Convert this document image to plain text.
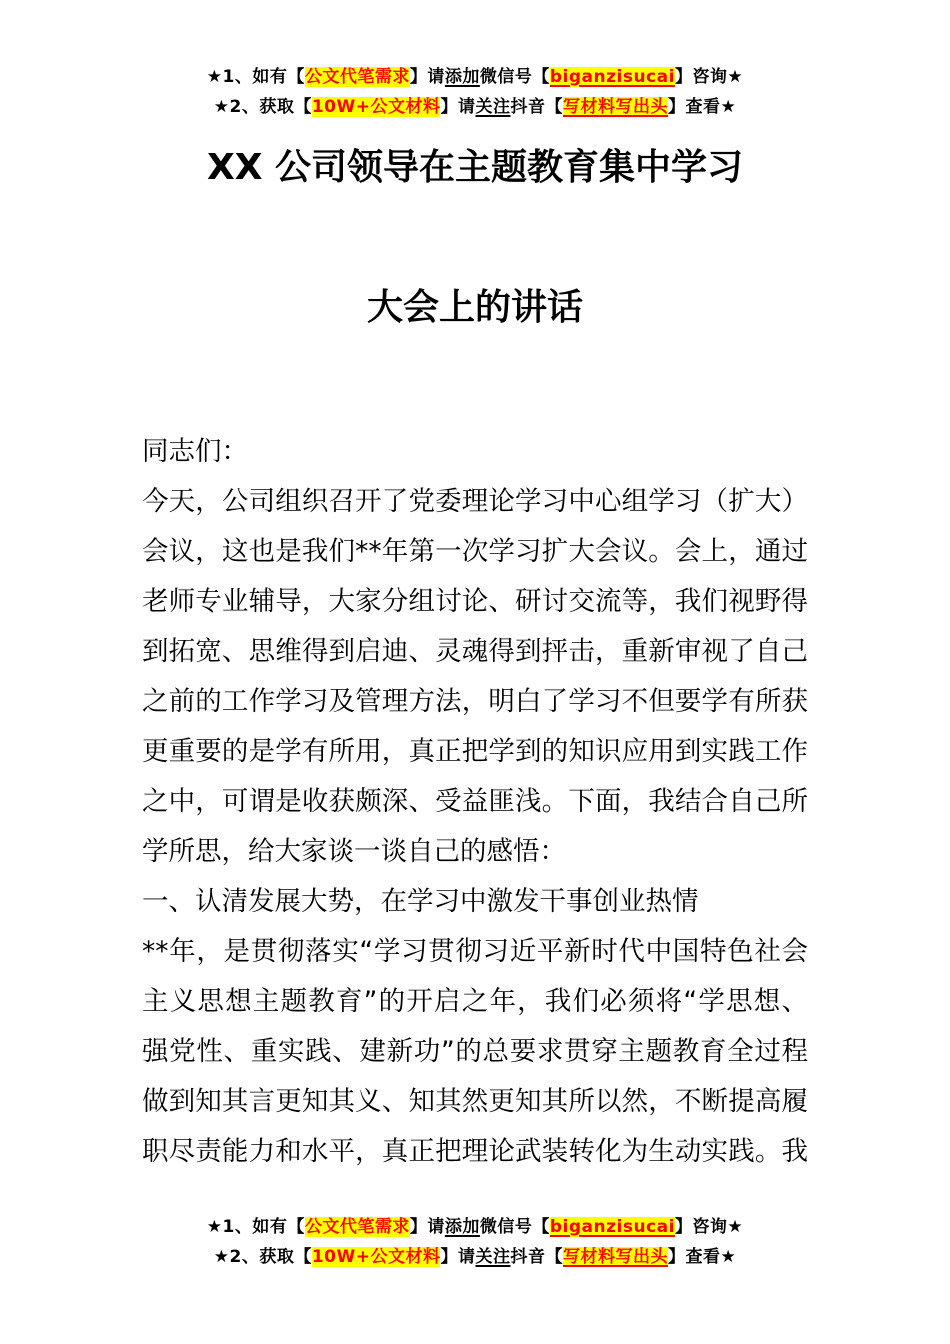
★1、如有【公文代笔需求】请添加微信号【biganzisucai】咨询★
★2、获取【10W+公文材料】请关注抖音【写材料写出头】查看★
XX 公司领导在主题教育集中学习
大会上的讲话
同志们：
今天，公司组织召开了党委理论学习中心组学习（扩大）
会议，这也是我们**年第一次学习扩大会议。会上，通过
老师专业辅导，大家分组讨论、研讨交流等，我们视野得
到拓宽、思维得到启迪、灵魂得到抨击，重新审视了自己
之前的工作学习及管理方法，明白了学习不但要学有所获
更重要的是学有所用，真正把学到的知识应用到实践工作
之中，可谓是收获颇深、受益匪浅。下面，我结合自己所
学所思，给大家谈一谈自己的感悟：
一、认清发展大势，在学习中激发干事创业热情
**年，是贯彻落实“学习贯彻习近平新时代中国特色社会
主义思想主题教育”的开启之年，我们必须将“学思想、
强党性、重实践、建新功”的总要求贯穿主题教育全过程
做到知其言更知其义、知其然更知其所以然，不断提高履
职尽责能力和水平，真正把理论武装转化为生动实践。我
★1、如有【公文代笔需求】请添加微信号【biganzisucai】咨询★
★2、获取【10W+公文材料】请关注抖音【写材料写出头】查看★
